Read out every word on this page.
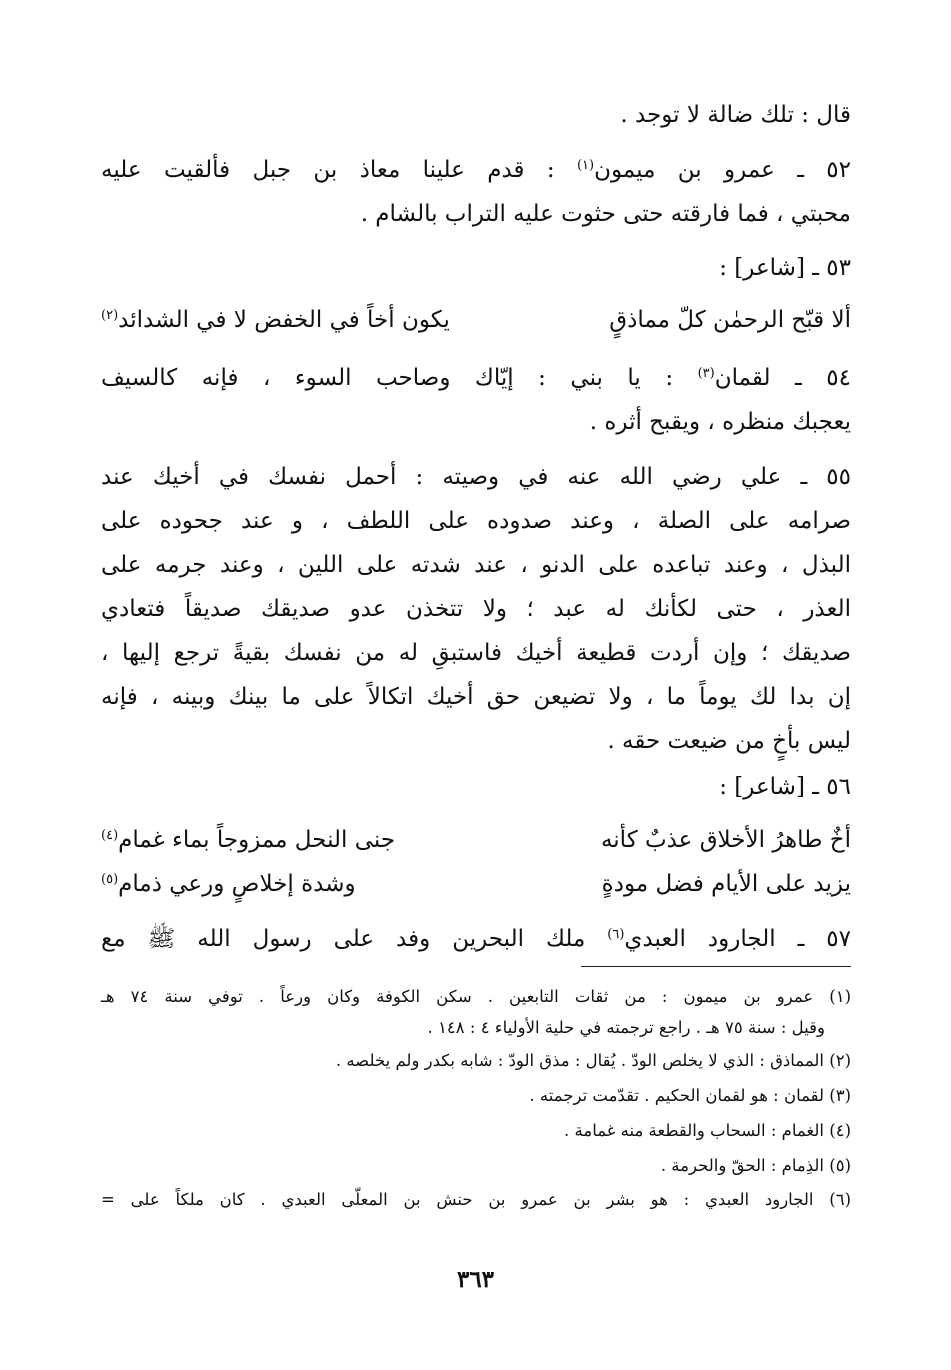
قال : تلك ضالة لا توجد .
٥٢ ـ عمرو بن ميمون$^{(١)}$ : قدم علينا معاذ بن جبل فألقيت عليه
محبتي ، فما فارقته حتى حثوت عليه التراب بالشام .
٥٣ ـ [شاعر] :
ألا قبّح الرحمٰن كلّ مماذقٍ
يكون أخاً في الخفض لا في الشدائد$^{(٢)}$
٥٤ ـ لقمان$^{(٣)}$ : يا بني : إيّاك وصاحب السوء ، فإنه كالسيف
يعجبك منظره ، ويقبح أثره .
٥٥ ـ علي رضي الله عنه في وصيته : أحمل نفسك في أخيك عند
صرامه على الصلة ، وعند صدوده على اللطف ، و عند جحوده على
البذل ، وعند تباعده على الدنو ، عند شدته على اللين ، وعند جرمه على
العذر ، حتى لكأنك له عبد ؛ ولا تتخذن عدو صديقك صديقاً فتعادي
صديقك ؛ وإن أردت قطيعة أخيك فاستبقِ له من نفسك بقيةً ترجع إليها ،
إن بدا لك يوماً ما ، ولا تضيعن حق أخيك اتكالاً على ما بينك وبينه ، فإنه
ليس بأخٍ من ضيعت حقه .
٥٦ ـ [شاعر] :
أخٌ طاهرُ الأخلاق عذبٌ كأنه
جنى النحل ممزوجاً بماء غمام$^{(٤)}$
يزيد على الأيام فضل مودةٍ
وشدة إخلاصٍ ورعي ذمام$^{(٥)}$
٥٧ ـ الجارود العبدي$^{(٦)}$ ملك البحرين وفد على رسول الله ﷺ مع
(١) عمرو بن ميمون : من ثقات التابعين . سكن الكوفة وكان ورعاً . توفي سنة ٧٤ هـ
وقيل : سنة ٧٥ هـ . راجع ترجمته في حلية الأولياء ٤ : ١٤٨ .
(٢) المماذق : الذي لا يخلص الودّ . يُقال : مذق الودّ : شابه بكدر ولم يخلصه .
(٣) لقمان : هو لقمان الحكيم . تقدّمت ترجمته .
(٤) الغمام : السحاب والقطعة منه غمامة .
(٥) الذِمام : الحقّ والحرمة .
(٦) الجارود العبدي : هو بشر بن عمرو بن حنش بن المعلّى العبدي . كان ملكاً على =
٣٦٣
